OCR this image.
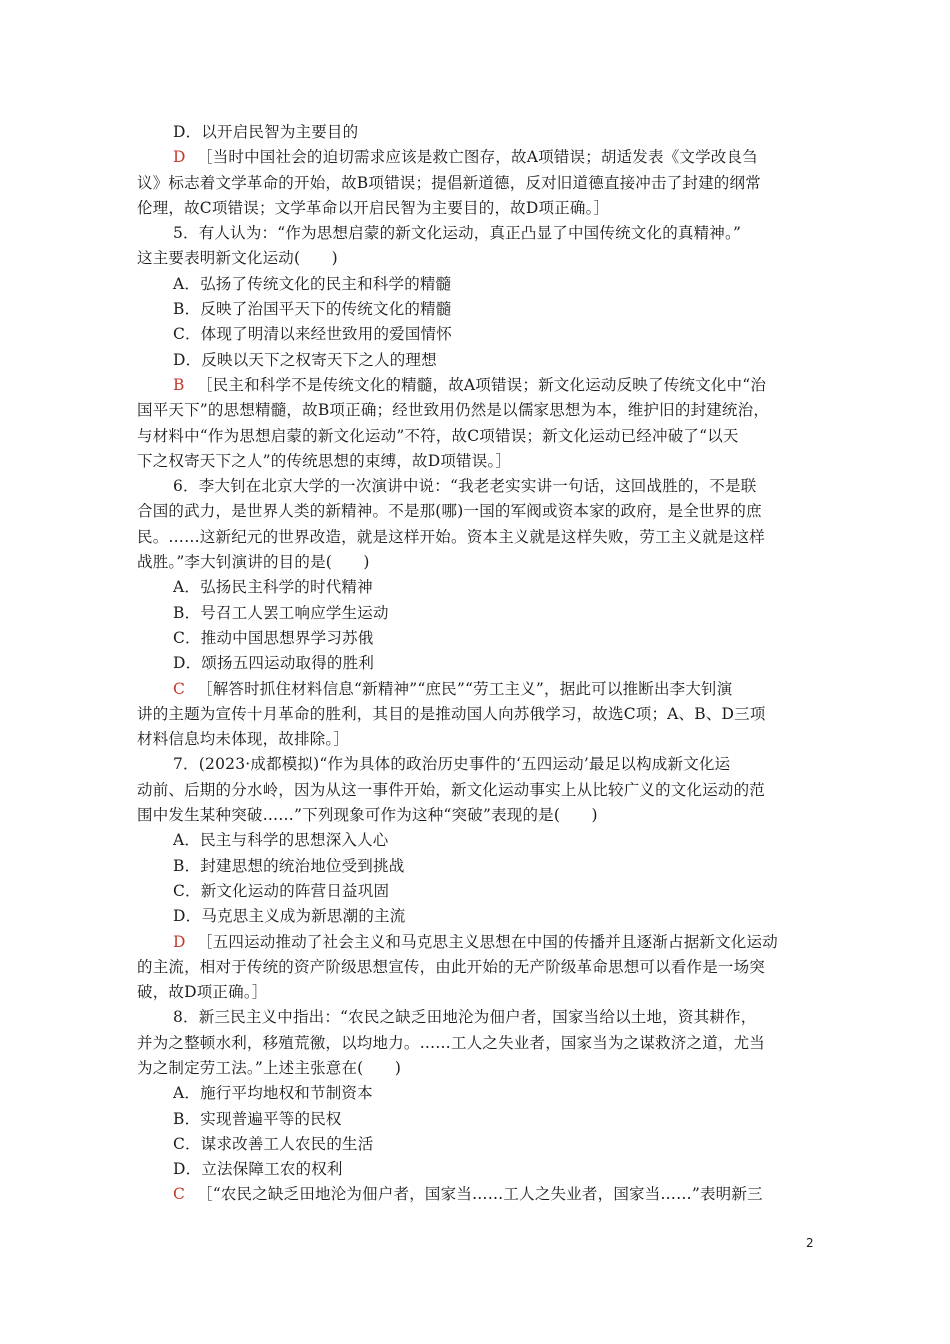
D．以开启民智为主要目的
D ［当时中国社会的迫切需求应该是救亡图存，故A项错误；胡适发表《文学改良刍
议》标志着文学革命的开始，故B项错误；提倡新道德，反对旧道德直接冲击了封建的纲常
伦理，故C项错误；文学革命以开启民智为主要目的，故D项正确。］
5．有人认为：“作为思想启蒙的新文化运动，真正凸显了中国传统文化的真精神。”
这主要表明新文化运动(　　)
A．弘扬了传统文化的民主和科学的精髓
B．反映了治国平天下的传统文化的精髓
C．体现了明清以来经世致用的爱国情怀
D．反映以天下之权寄天下之人的理想
B ［民主和科学不是传统文化的精髓，故A项错误；新文化运动反映了传统文化中“治
国平天下”的思想精髓，故B项正确；经世致用仍然是以儒家思想为本，维护旧的封建统治，
与材料中“作为思想启蒙的新文化运动”不符，故C项错误；新文化运动已经冲破了“以天
下之权寄天下之人”的传统思想的束缚，故D项错误。］
6．李大钊在北京大学的一次演讲中说：“我老老实实讲一句话，这回战胜的，不是联
合国的武力，是世界人类的新精神。不是那(哪)一国的军阀或资本家的政府，是全世界的庶
民。……这新纪元的世界改造，就是这样开始。资本主义就是这样失败，劳工主义就是这样
战胜。”李大钊演讲的目的是(　　)
A．弘扬民主科学的时代精神
B．号召工人罢工响应学生运动
C．推动中国思想界学习苏俄
D．颂扬五四运动取得的胜利
C ［解答时抓住材料信息“新精神”“庶民”“劳工主义”，据此可以推断出李大钊演
讲的主题为宣传十月革命的胜利，其目的是推动国人向苏俄学习，故选C项；A、B、D三项
材料信息均未体现，故排除。］
7．(2023·成都模拟)“作为具体的政治历史事件的‘五四运动’最足以构成新文化运
动前、后期的分水岭，因为从这一事件开始，新文化运动事实上从比较广义的文化运动的范
围中发生某种突破……”下列现象可作为这种“突破”表现的是(　　)
A．民主与科学的思想深入人心
B．封建思想的统治地位受到挑战
C．新文化运动的阵营日益巩固
D．马克思主义成为新思潮的主流
D ［五四运动推动了社会主义和马克思主义思想在中国的传播并且逐渐占据新文化运动
的主流，相对于传统的资产阶级思想宣传，由此开始的无产阶级革命思想可以看作是一场突
破，故D项正确。］
8．新三民主义中指出：“农民之缺乏田地沦为佃户者，国家当给以土地，资其耕作，
并为之整顿水利，移殖荒徼，以均地力。……工人之失业者，国家当为之谋救济之道，尤当
为之制定劳工法。”上述主张意在(　　)
A．施行平均地权和节制资本
B．实现普遍平等的民权
C．谋求改善工人农民的生活
D．立法保障工农的权利
C ［“农民之缺乏田地沦为佃户者，国家当……工人之失业者，国家当……”表明新三
2
